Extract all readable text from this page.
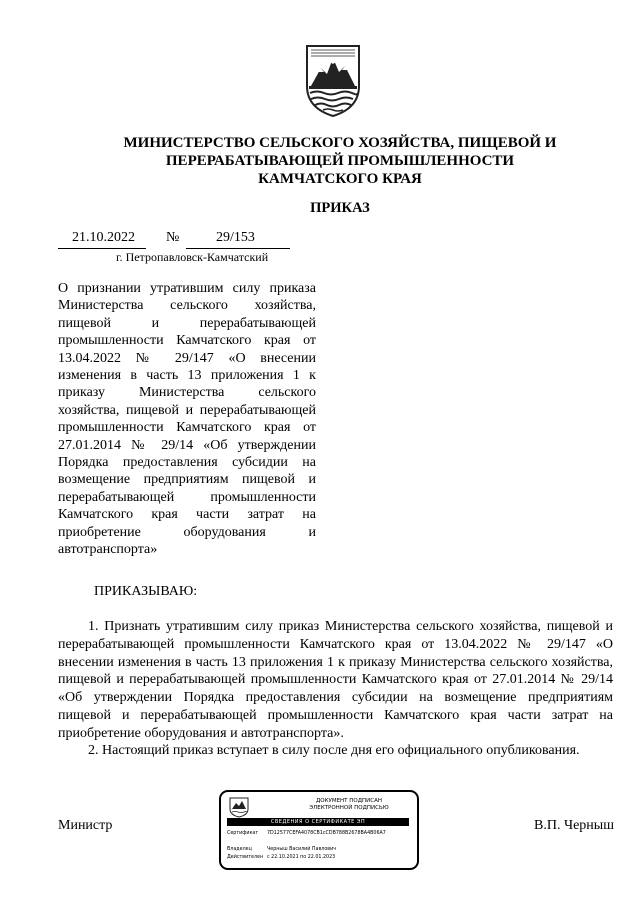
МИНИСТЕРСТВО СЕЛЬСКОГО ХОЗЯЙСТВА, ПИЩЕВОЙ И
ПЕРЕРАБАТЫВАЮЩЕЙ ПРОМЫШЛЕННОСТИ
КАМЧАТСКОГО КРАЯ
ПРИКАЗ
21.10.2022	№	29/153
г. Петропавловск-Камчатский
О признании утратившим силу приказа Министерства сельского хозяйства, пищевой и перерабатывающей промышленности Камчатского края от 13.04.2022 № 29/147 «О внесении изменения в часть 13 приложения 1 к приказу Министерства сельского хозяйства, пищевой и перерабатывающей промышленности Камчатского края от 27.01.2014 № 29/14 «Об утверждении Порядка предоставления субсидии на возмещение предприятиям пищевой и перерабатывающей промышленности Камчатского края части затрат на приобретение оборудования и автотранспорта»
ПРИКАЗЫВАЮ:
1. Признать утратившим силу приказ Министерства сельского хозяйства, пищевой и перерабатывающей промышленности Камчатского края от 13.04.2022 № 29/147 «О внесении изменения в часть 13 приложения 1 к приказу Министерства сельского хозяйства, пищевой и перерабатывающей промышленности Камчатского края от 27.01.2014 № 29/14 «Об утверждении Порядка предоставления субсидии на возмещение предприятиям пищевой и перерабатывающей промышленности Камчатского края части затрат на приобретение оборудования и автотранспорта».
2. Настоящий приказ вступает в силу после дня его официального опубликования.
Министр	В.П. Черныш
ДОКУМЕНТ ПОДПИСАН
ЭЛЕКТРОННОЙ ПОДПИСЬЮ
СВЕДЕНИЯ О СЕРТИФИКАТЕ ЭП
Сертификат	7D12577CEFA4078CB1cCDB788B2678BA4B06A7
Владелец	Черныш Василий Павлович
Действителен с 22.10.2021 по 22.01.2023
